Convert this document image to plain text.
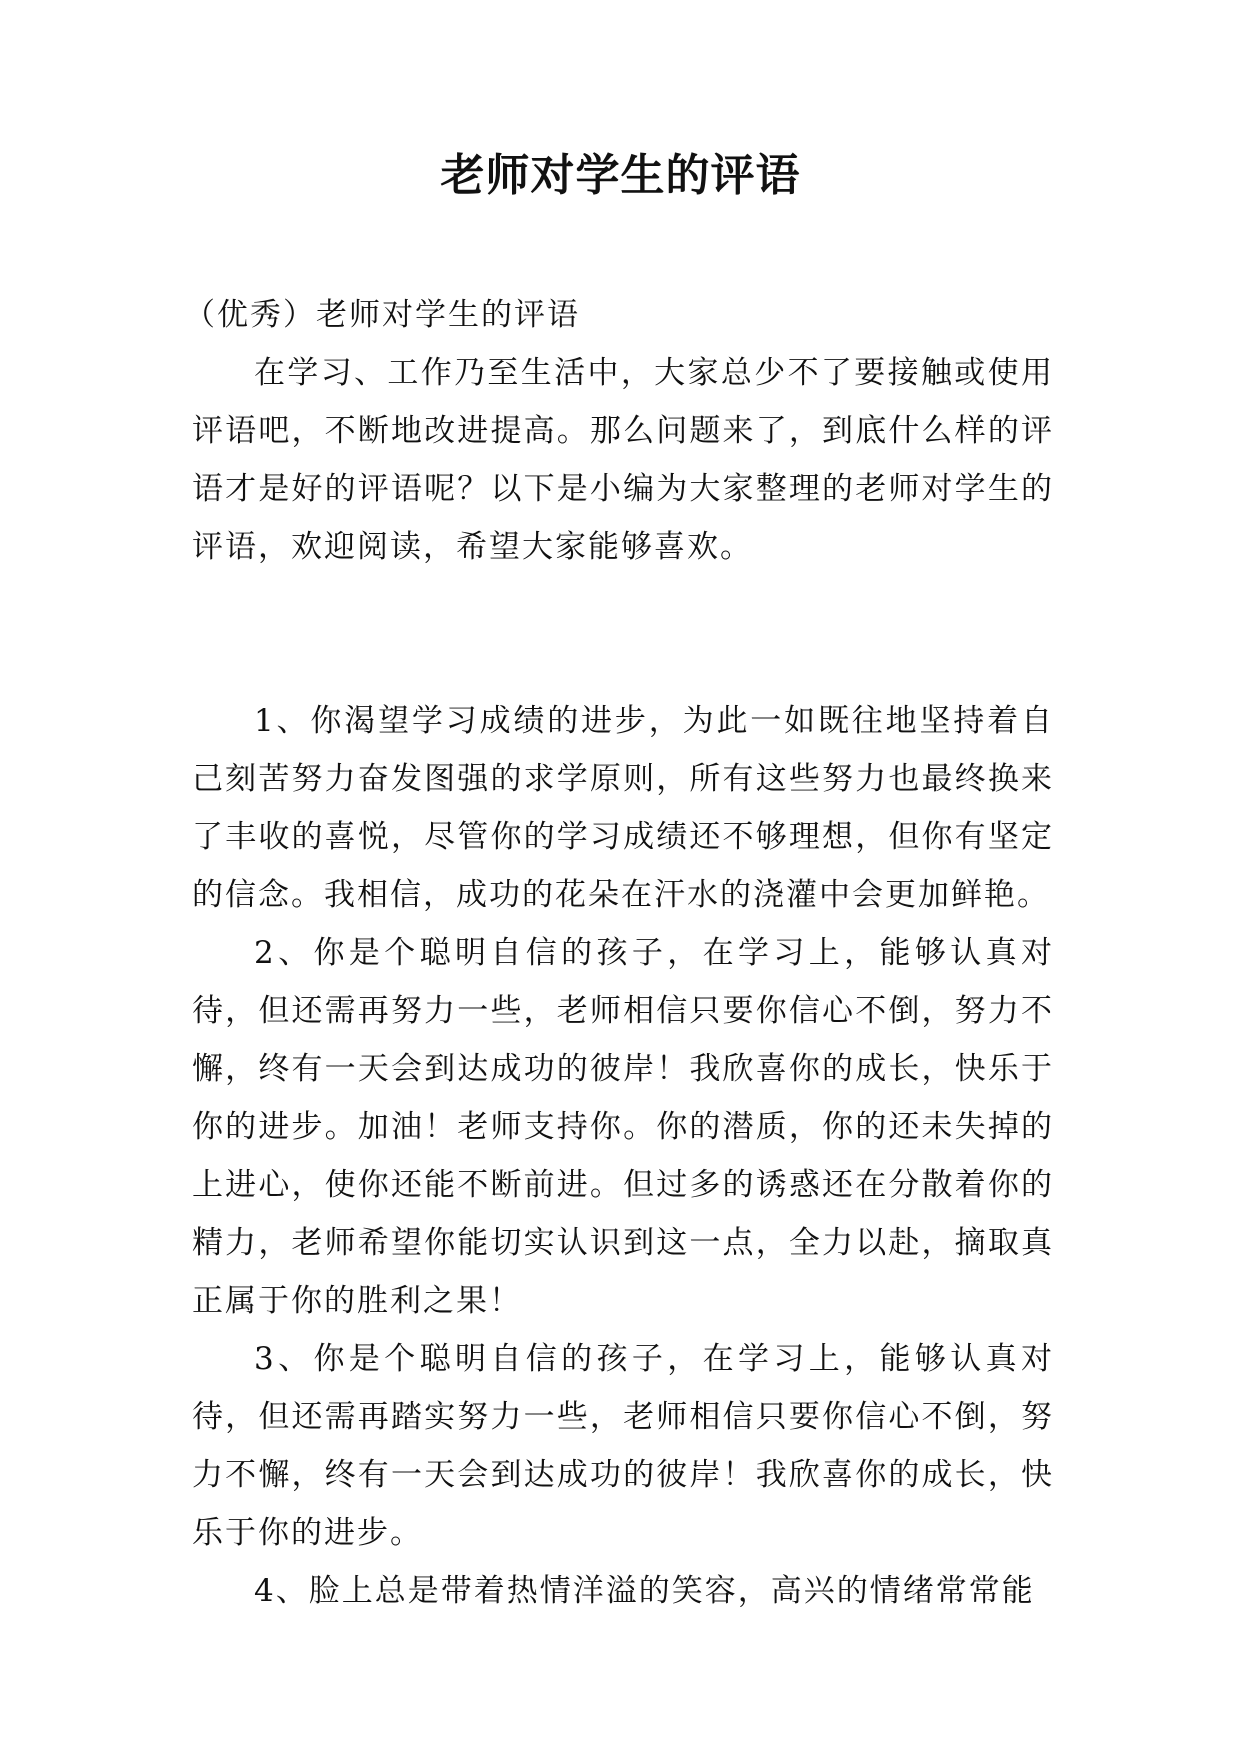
老师对学生的评语

（优秀）老师对学生的评语

在学习、工作乃至生活中，大家总少不了要接触或使用评语吧，不断地改进提高。那么问题来了，到底什么样的评语才是好的评语呢？以下是小编为大家整理的老师对学生的评语，欢迎阅读，希望大家能够喜欢。

1、你渴望学习成绩的进步，为此一如既往地坚持着自己刻苦努力奋发图强的求学原则，所有这些努力也最终换来了丰收的喜悦，尽管你的学习成绩还不够理想，但你有坚定的信念。我相信，成功的花朵在汗水的浇灌中会更加鲜艳。

2、你是个聪明自信的孩子，在学习上，能够认真对待，但还需再努力一些，老师相信只要你信心不倒，努力不懈，终有一天会到达成功的彼岸！我欣喜你的成长，快乐于你的进步。加油！老师支持你。你的潜质，你的还未失掉的上进心，使你还能不断前进。但过多的诱惑还在分散着你的精力，老师希望你能切实认识到这一点，全力以赴，摘取真正属于你的胜利之果！

3、你是个聪明自信的孩子，在学习上，能够认真对待，但还需再踏实努力一些，老师相信只要你信心不倒，努力不懈，终有一天会到达成功的彼岸！我欣喜你的成长，快乐于你的进步。

4、脸上总是带着热情洋溢的笑容，高兴的情绪常常能
